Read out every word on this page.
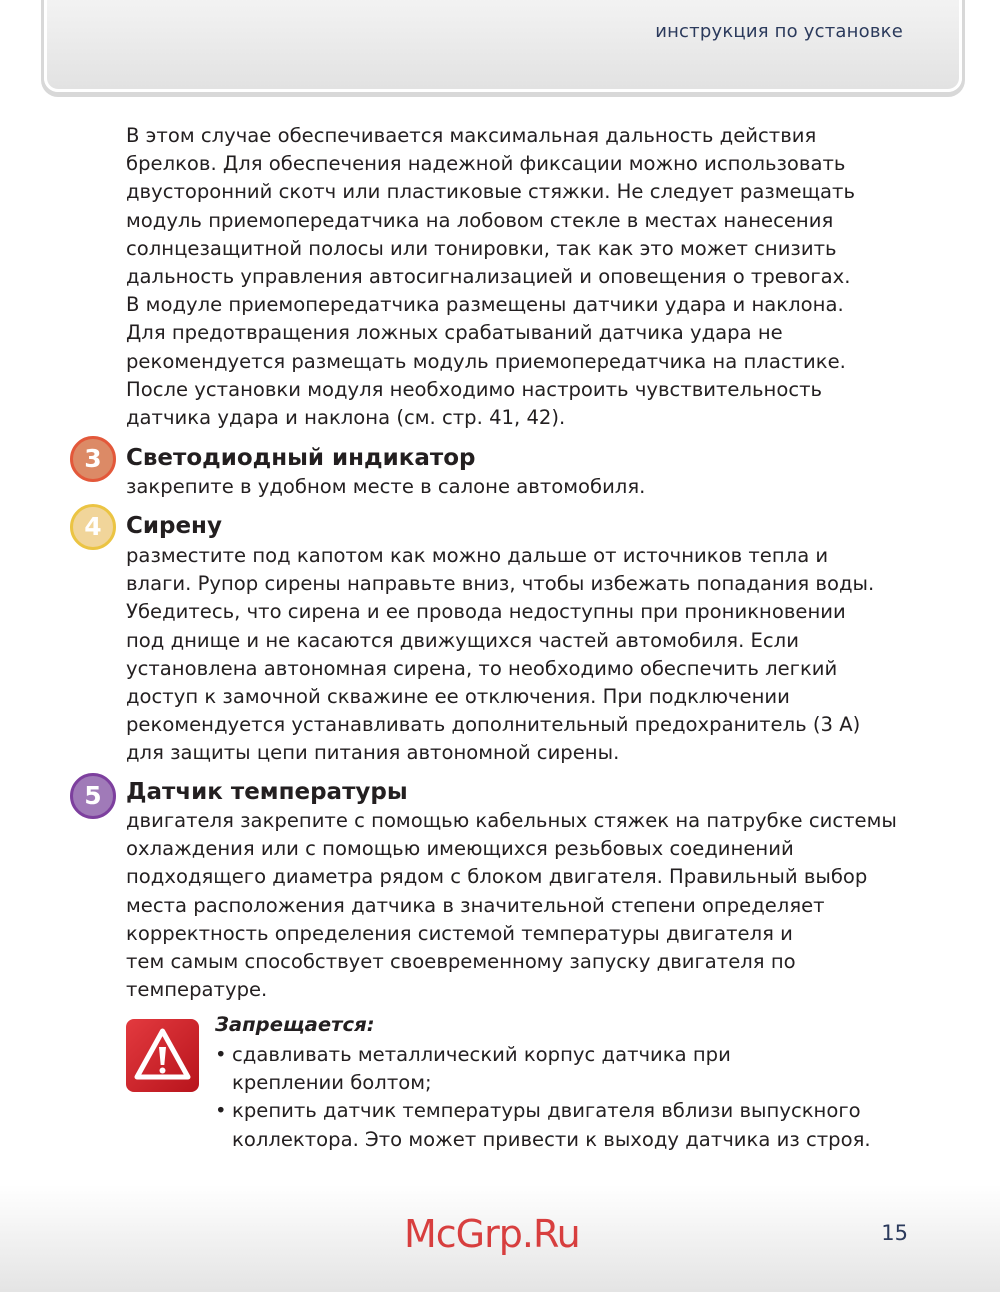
инструкция по установке
В этом случае обеспечивается максимальная дальность действия
брелков. Для обеспечения надежной фиксации можно использовать
двусторонний скотч или пластиковые стяжки. Не следует размещать
модуль приемопередатчика на лобовом стекле в местах нанесения
солнцезащитной полосы или тонировки, так как это может снизить
дальность управления автосигнализацией и оповещения о тревогах.
В модуле приемопередатчика размещены датчики удара и наклона.
Для предотвращения ложных срабатываний датчика удара не
рекомендуется размещать модуль приемопередатчика на пластике.
После установки модуля необходимо настроить чувствительность
датчика удара и наклона (см. стр. 41, 42).
3	Светодиодный индикатор
закрепите в удобном месте в салоне автомобиля.
4	Сирену
разместите под капотом как можно дальше от источников тепла и
влаги. Рупор сирены направьте вниз, чтобы избежать попадания воды.
Убедитесь, что сирена и ее провода недоступны при проникновении
под днище и не касаются движущихся частей автомобиля. Если
установлена автономная сирена, то необходимо обеспечить легкий
доступ к замочной скважине ее отключения. При подключении
рекомендуется устанавливать дополнительный предохранитель (3 А)
для защиты цепи питания автономной сирены.
5	Датчик температуры
двигателя закрепите с помощью кабельных стяжек на патрубке системы
охлаждения или с помощью имеющихся резьбовых соединений
подходящего диаметра рядом с блоком двигателя. Правильный выбор
места расположения датчика в значительной степени определяет
корректность определения системой температуры двигателя и
тем самым способствует своевременному запуску двигателя по
температуре.
Запрещается:
• сдавливать металлический корпус датчика при
креплении болтом;
• крепить датчик температуры двигателя вблизи выпускного
коллектора. Это может привести к выходу датчика из строя.
McGrp.Ru	15
